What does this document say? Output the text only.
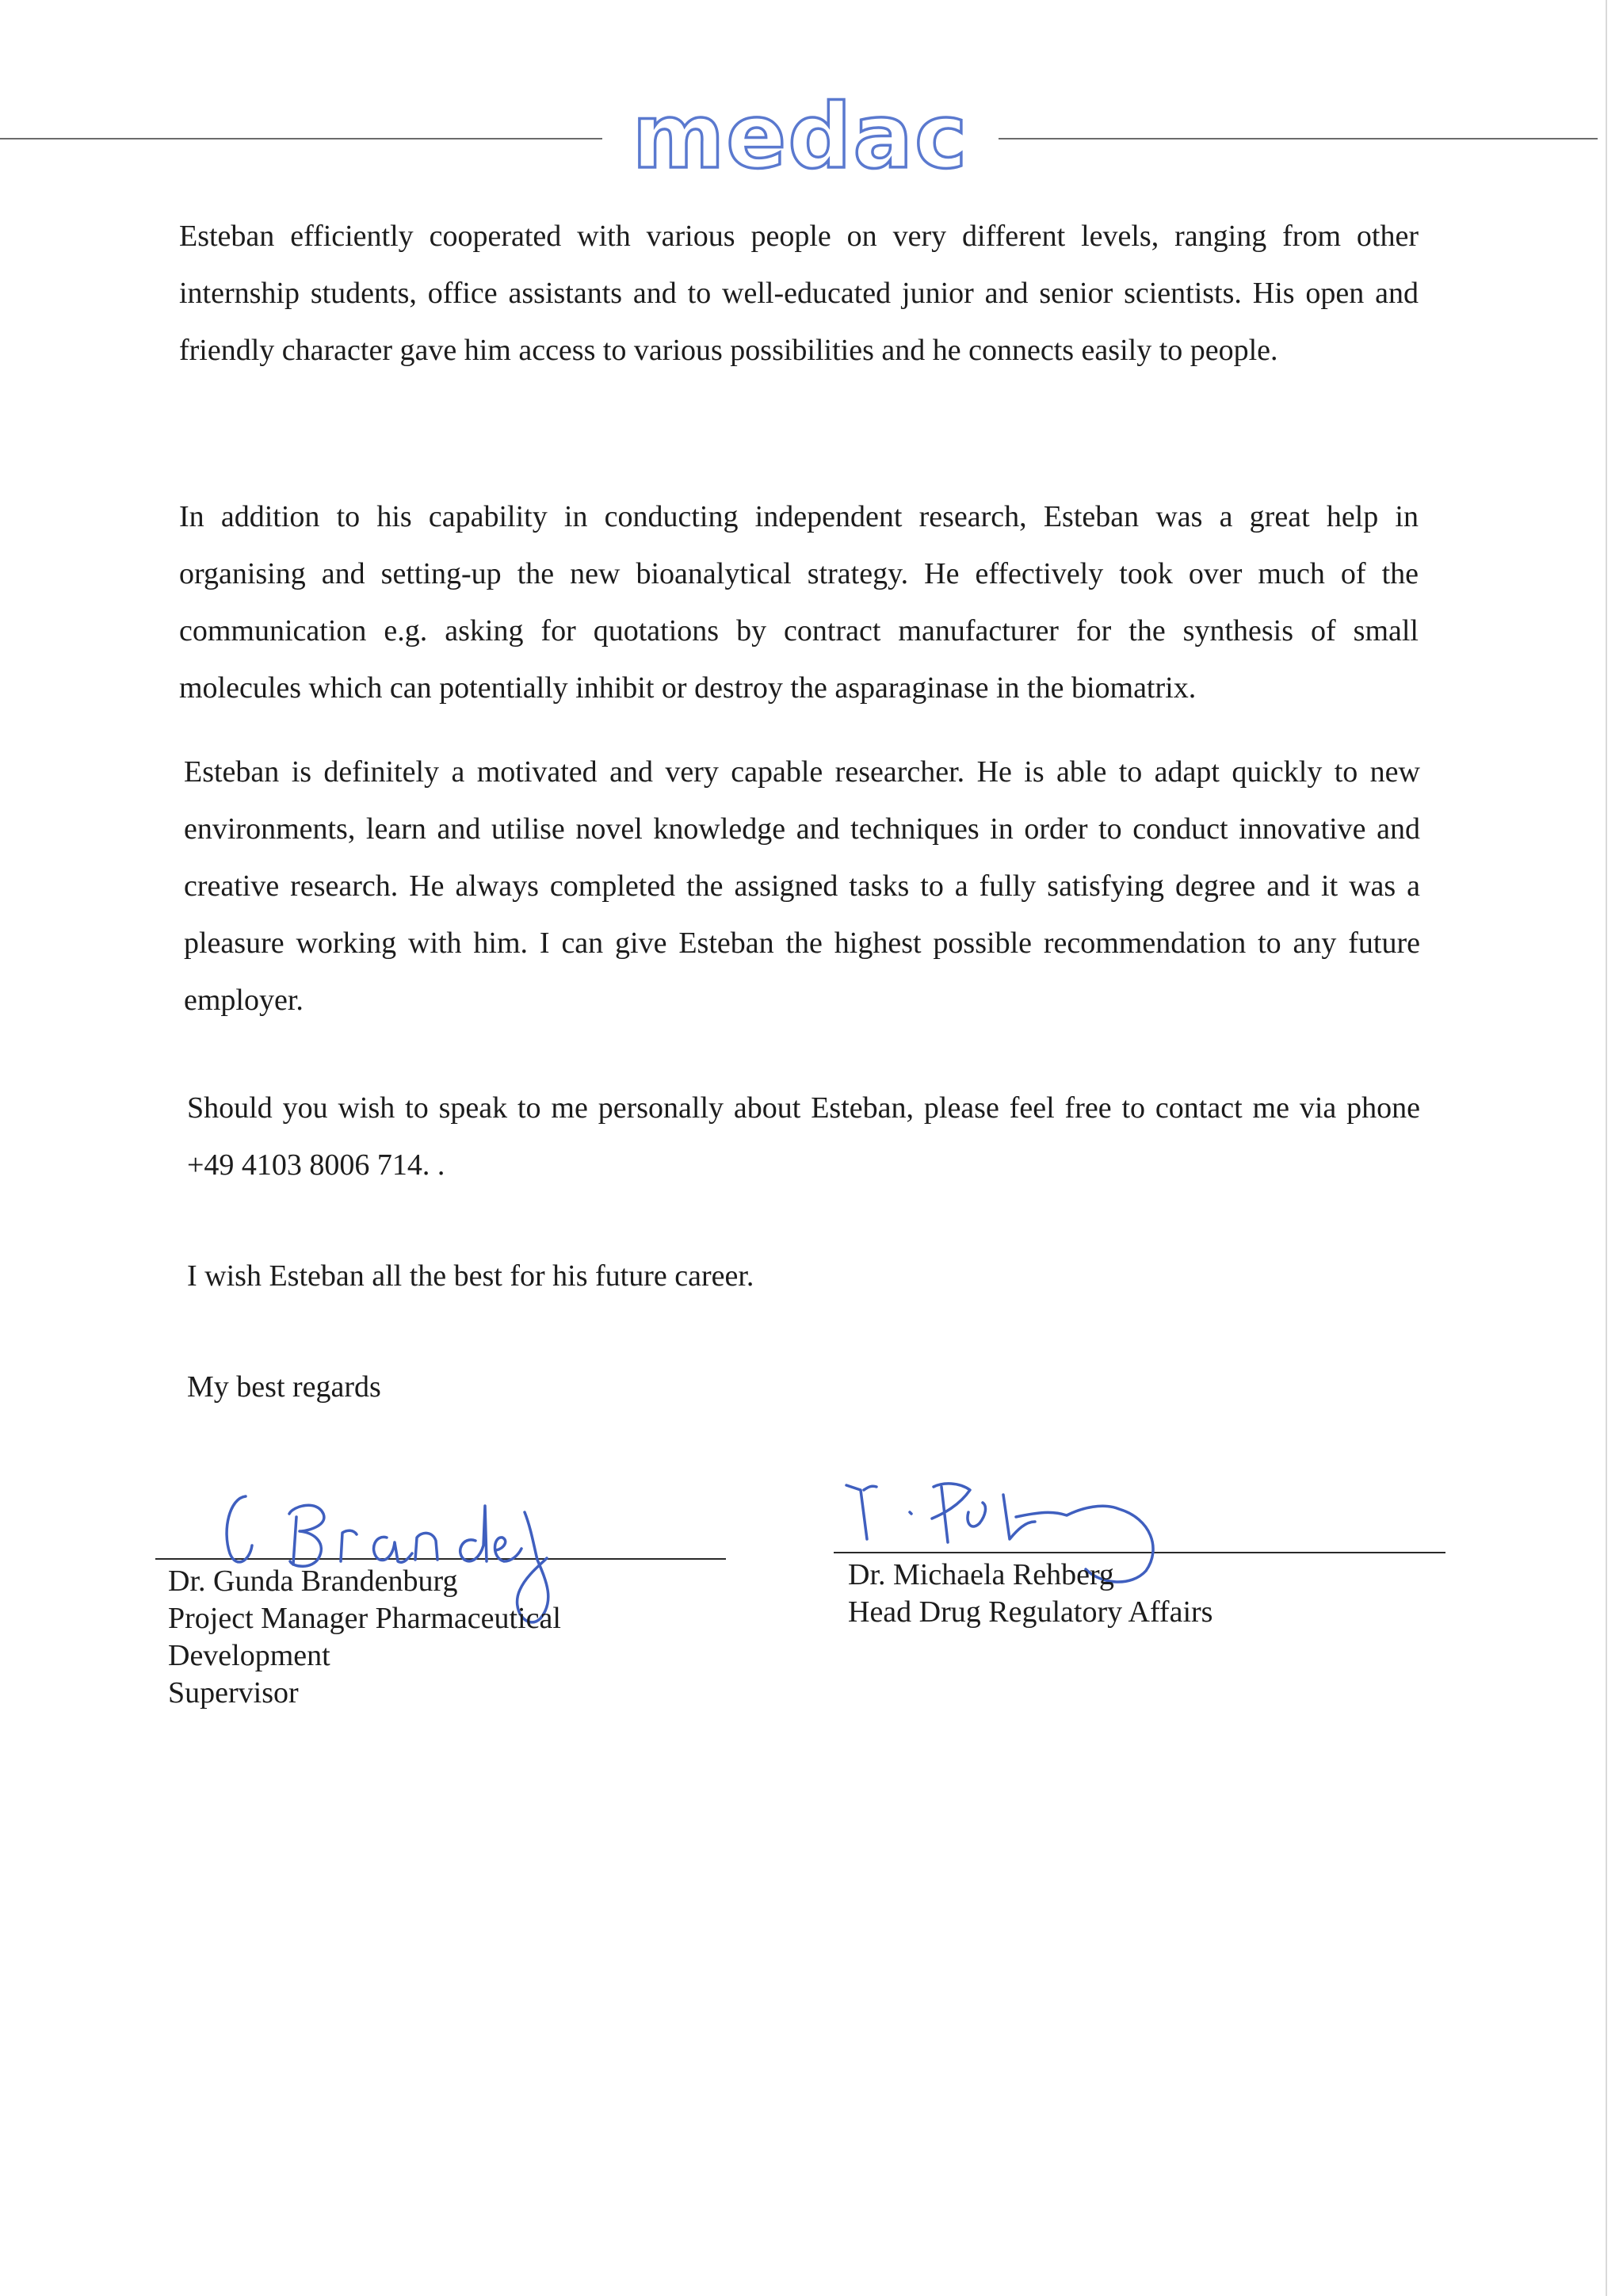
medac

Esteban efficiently cooperated with various people on very different levels, ranging from other internship students, office assistants and to well-educated junior and senior scientists. His open and friendly character gave him access to various possibilities and he connects easily to people.

In addition to his capability in conducting independent research, Esteban was a great help in organising and setting-up the new bioanalytical strategy. He effectively took over much of the communication e.g. asking for quotations by contract manufacturer for the synthesis of small molecules which can potentially inhibit or destroy the asparaginase in the biomatrix.

Esteban is definitely a motivated and very capable researcher. He is able to adapt quickly to new environments, learn and utilise novel knowledge and techniques in order to conduct innovative and creative research. He always completed the assigned tasks to a fully satisfying degree and it was a pleasure working with him. I can give Esteban the highest possible recommendation to any future employer.

Should you wish to speak to me personally about Esteban, please feel free to contact me via phone +49 4103 8006 714. .

I wish Esteban all the best for his future career.

My best regards

Dr. Gunda Brandenburg
Project Manager Pharmaceutical
Development
Supervisor
Dr. Michaela Rehberg
Head Drug Regulatory Affairs
